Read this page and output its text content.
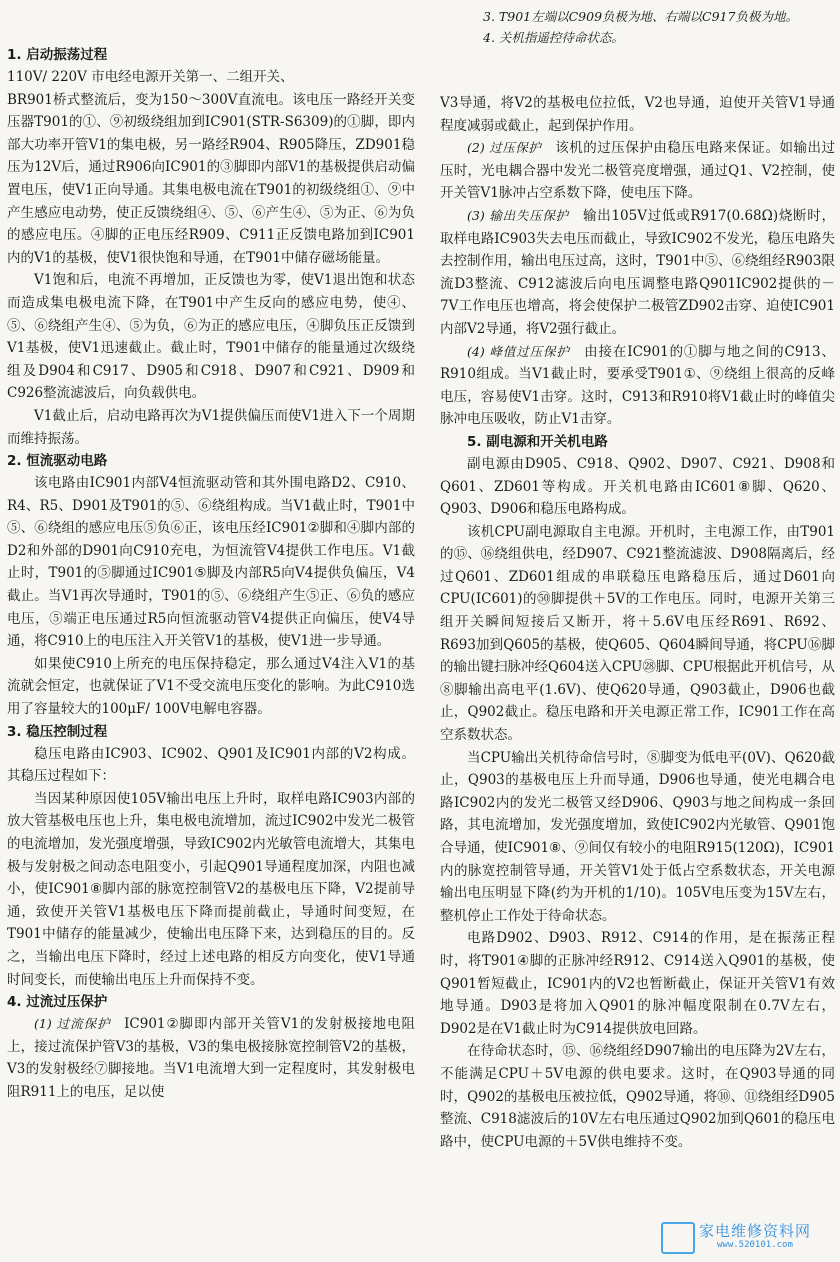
3. T901左端以C909负极为地、右端以C917负极为地。
4. 关机指遥控待命状态。
1. 启动振荡过程

110V/ 220V 市电经电源开关第一、二组开关、

BR901桥式整流后，变为150～300V直流电。该电压一路经开关变压器T901的①、⑨初级绕组加到IC901(STR-S6309)的①脚，即内部大功率开管V1的集电极，另一路经R904、R905降压，ZD901稳压为12V后，通过R906向IC901的③脚即内部V1的基极提供启动偏置电压，使V1正向导通。其集电极电流在T901的初级绕组①、⑨中产生感应电动势，使正反馈绕组④、⑤、⑥产生④、⑤为正、⑥为负的感应电压。④脚的正电压经R909、C911正反馈电路加到IC901内的V1的基极，使V1很快饱和导通，在T901中储存磁场能量。

V1饱和后，电流不再增加，正反馈也为零，使V1退出饱和状态而造成集电极电流下降，在T901中产生反向的感应电势，使④、⑤、⑥绕组产生④、⑤为负，⑥为正的感应电压，④脚负压正反馈到V1基极，使V1迅速截止。截止时，T901中储存的能量通过次级绕组及D904和C917、D905和C918、D907和C921、D909和C926整流滤波后，向负载供电。

V1截止后，启动电路再次为V1提供偏压而使V1进入下一个周期而维持振荡。

2. 恒流驱动电路

该电路由IC901内部V4恒流驱动管和其外围电路D2、C910、R4、R5、D901及T901的⑤、⑥绕组构成。当V1截止时，T901中⑤、⑥绕组的感应电压⑤负⑥正，该电压经IC901②脚和④脚内部的D2和外部的D901向C910充电，为恒流管V4提供工作电压。V1截止时，T901的⑤脚通过IC901⑤脚及内部R5向V4提供负偏压，V4截止。当V1再次导通时，T901的⑤、⑥绕组产生⑤正、⑥负的感应电压，⑤端正电压通过R5向恒流驱动管V4提供正向偏压，使V4导通，将C910上的电压注入开关管V1的基极，使V1进一步导通。

如果使C910上所充的电压保持稳定，那么通过V4注入V1的基流就会恒定，也就保证了V1不受交流电压变化的影响。为此C910选用了容量较大的100μF/ 100V电解电容器。

3. 稳压控制过程

稳压电路由IC903、IC902、Q901及IC901内部的V2构成。其稳压过程如下：

当因某种原因使105V输出电压上升时，取样电路IC903内部的放大管基极电压也上升，集电极电流增加，流过IC902中发光二极管的电流增加，发光强度增强，导致IC902内光敏管电流增大，其集电极与发射极之间动态电阻变小，引起Q901导通程度加深，内阻也减小，使IC901⑧脚内部的脉宽控制管V2的基极电压下降，V2提前导通，致使开关管V1基极电压下降而提前截止，导通时间变短，在T901中储存的能量减少，使输出电压降下来，达到稳压的目的。反之，当输出电压下降时，经过上述电路的相反方向变化，使V1导通时间变长，而使输出电压上升而保持不变。

4. 过流过压保护

(1) 过流保护  IC901②脚即内部开关管V1的发射极接地电阻上，接过流保护管V3的基极，V3的集电极接脉宽控制管V2的基极，V3的发射极经⑦脚接地。当V1电流增大到一定程度时，其发射极电阻R911上的电压，足以使

V3导通，将V2的基极电位拉低，V2也导通，迫使开关管V1导通程度减弱或截止，起到保护作用。

(2) 过压保护  该机的过压保护由稳压电路来保证。如输出过压时，光电耦合器中发光二极管亮度增强，通过Q1、V2控制，使开关管V1脉冲占空系数下降，使电压下降。

(3) 输出失压保护  输出105V过低或R917(0.68Ω)烧断时，取样电路IC903失去电压而截止，导致IC902不发光，稳压电路失去控制作用，输出电压过高，这时，T901中⑤、⑥绕组经R903限流D3整流、C912滤波后向电压调整电路Q901IC902提供的－7V工作电压也增高，将会使保护二极管ZD902击穿、迫使IC901内部V2导通，将V2强行截止。

(4) 峰值过压保护  由接在IC901的①脚与地之间的C913、R910组成。当V1截止时，要承受T901①、⑨绕组上很高的反峰电压，容易使V1击穿。这时，C913和R910将V1截止时的峰值尖脉冲电压吸收，防止V1击穿。

5. 副电源和开关机电路

副电源由D905、C918、Q902、D907、C921、D908和Q601、ZD601等构成。开关机电路由IC601⑧脚、Q620、Q903、D906和稳压电路构成。

该机CPU副电源取自主电源。开机时，主电源工作，由T901的⑮、⑯绕组供电，经D907、C921整流滤波、D908隔离后，经过Q601、ZD601组成的串联稳压电路稳压后，通过D601向CPU(IC601)的㊿脚提供＋5V的工作电压。同时，电源开关第三组开关瞬间短接后又断开，将＋5.6V电压经R691、R692、R693加到Q605的基极，使Q605、Q604瞬间导通，将CPU⑯脚的输出键扫脉冲经Q604送入CPU㉘脚、CPU根据此开机信号，从⑧脚输出高电平(1.6V)、使Q620导通，Q903截止，D906也截止，Q902截止。稳压电路和开关电源正常工作，IC901工作在高空系数状态。

当CPU输出关机待命信号时，⑧脚变为低电平(0V)、Q620截止，Q903的基极电压上升而导通，D906也导通，使光电耦合电路IC902内的发光二极管又经D906、Q903与地之间构成一条回路，其电流增加，发光强度增加，致使IC902内光敏管、Q901饱合导通，使IC901⑧、⑨间仅有较小的电阻R915(120Ω)，IC901内的脉宽控制管导通，开关管V1处于低占空系数状态，开关电源输出电压明显下降(约为开机的1/10)。105V电压变为15V左右，整机停止工作处于待命状态。

电路D902、D903、R912、C914的作用，是在振荡正程时，将T901④脚的正脉冲经R912、C914送入Q901的基极，使Q901暂短截止，IC901内的V2也暂断截止，保证开关管V1有效地导通。D903是将加入Q901的脉冲幅度限制在0.7V左右，D902是在V1截止时为C914提供放电回路。

在待命状态时，⑮、⑯绕组经D907输出的电压降为2V左右，不能满足CPU＋5V电源的供电要求。这时，在Q903导通的同时，Q902的基极电压被拉低，Q902导通，将⑩、⑪绕组经D905整流、C918滤波后的10V左右电压通过Q902加到Q601的稳压电路中，使CPU电源的＋5V供电维持不变。

家电维修资料网
www.520101.com
